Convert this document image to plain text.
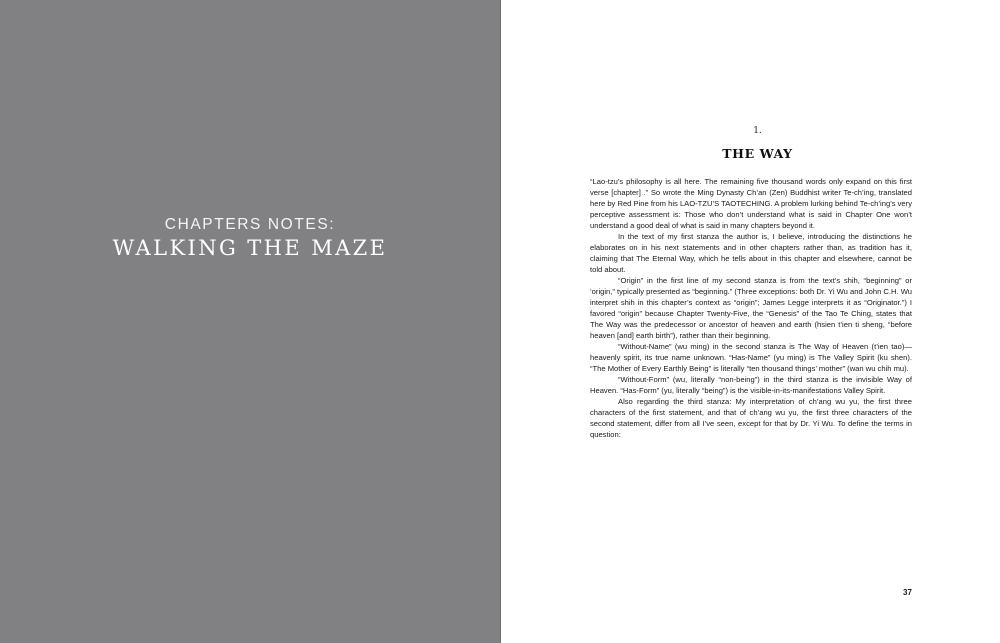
CHAPTERS NOTES:
WALKING THE MAZE
1.
THE WAY

“Lao-tzu’s philosophy is all here. The remaining five thousand words only expand on this first verse [chapter] .” So wrote the Ming Dynasty Ch’an (Zen) Buddhist writer Te-ch’ing, translated here by Red Pine from his LAO-TZU’S TAOTECHING. A problem lurking behind Te-ch’ing’s very perceptive assessment is: Those who don’t understand what is said in Chapter One won’t understand a good deal of what is said in many chapters beyond it.

In the text of my first stanza the author is, I believe, introducing the distinctions he elaborates on in his next statements and in other chapters rather than, as tradition has it, claiming that The Eternal Way, which he tells about in this chapter and elsewhere, cannot be told about.

“Origin” in the first line of my second stanza is from the text’s shih, “beginning” or ‘origin,” typically presented as “beginning.” (Three exceptions: both Dr. Yi Wu and John C.H. Wu interpret shih in this chapter’s context as “origin”; James Legge interprets it as “Originator.”) I favored “origin” because Chapter Twenty-Five, the “Genesis” of the Tao Te Ching, states that The Way was the predecessor or ancestor of heaven and earth (hsien t’ien ti sheng, “before heaven [and] earth birth”), rather than their beginning.

“Without-Name” (wu ming) in the second stanza is The Way of Heaven (t’ien tao)—heavenly spirit, its true name unknown. “Has-Name” (yu ming) is The Valley Spirit (ku shen). “The Mother of Every Earthly Being” is literally “ten thousand things’ mother” (wan wu chih mu).

“Without-Form” (wu, literally “non-being”) in the third stanza is the invisible Way of Heaven. “Has-Form” (yu, literally “being”) is the visible-in-its-manifestations Valley Spirit.

Also regarding the third stanza: My interpretation of ch’ang wu yu, the first three characters of the first statement, and that of ch’ang wu yu, the first three characters of the second statement, differ from all I’ve seen, except for that by Dr. Yi Wu. To define the terms in question:

37
